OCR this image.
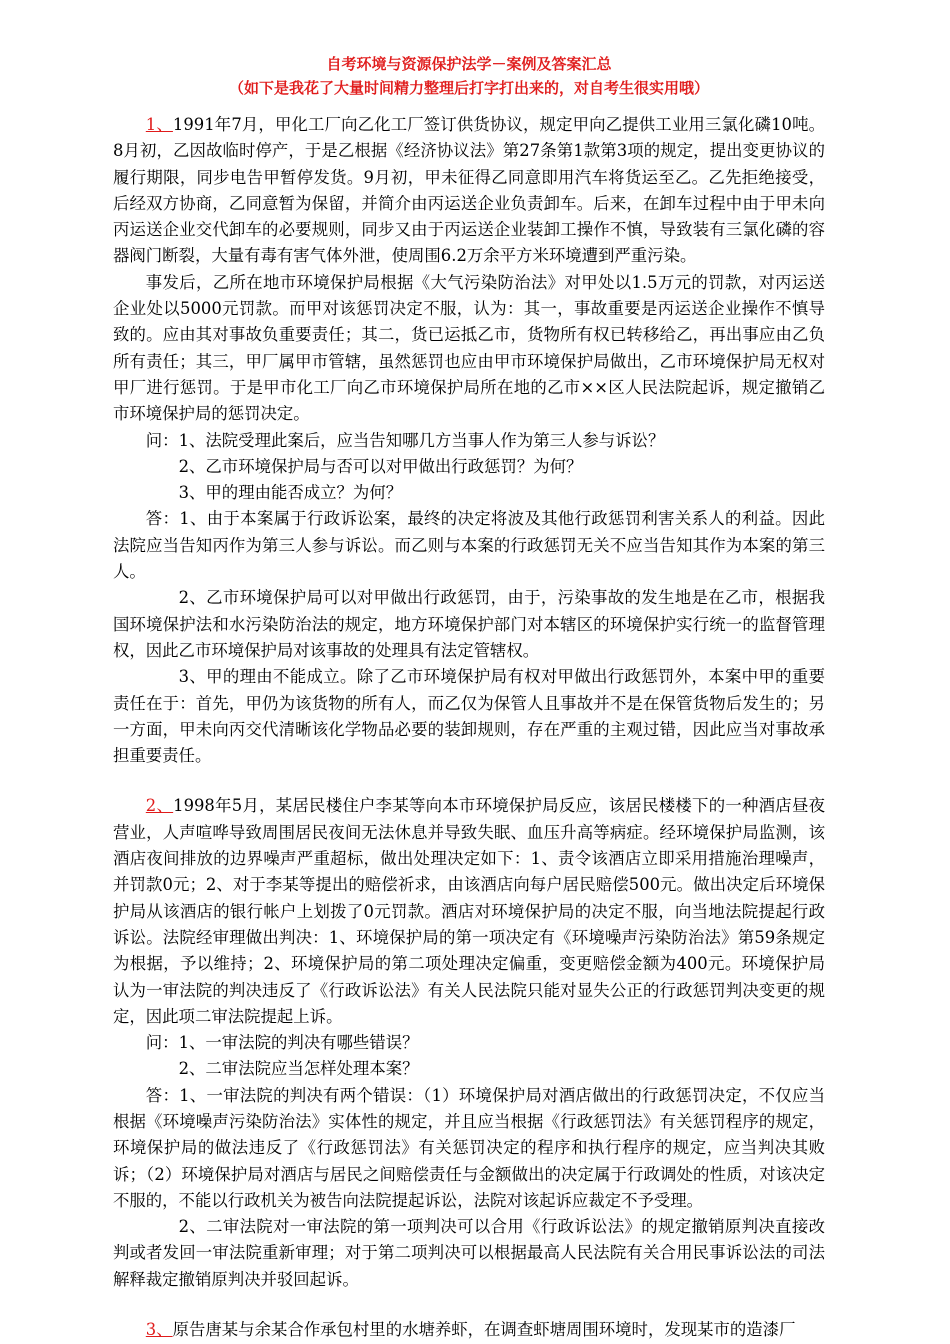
自考环境与资源保护法学－案例及答案汇总

（如下是我花了大量时间精力整理后打字打出来的，对自考生很实用哦）

1、1991年7月，甲化工厂向乙化工厂签订供货协议，规定甲向乙提供工业用三氯化磷10吨。8月初，乙因故临时停产，于是乙根据《经济协议法》第27条第1款第3项的规定，提出变更协议的履行期限，同步电告甲暂停发货。9月初，甲未征得乙同意即用汽车将货运至乙。乙先拒绝接受，后经双方协商，乙同意暂为保留，并简介由丙运送企业负责卸车。后来，在卸车过程中由于甲未向丙运送企业交代卸车的必要规则，同步又由于丙运送企业装卸工操作不慎，导致装有三氯化磷的容器阀门断裂，大量有毒有害气体外泄，使周围6.2万余平方米环境遭到严重污染。

事发后，乙所在地市环境保护局根据《大气污染防治法》对甲处以1.5万元的罚款，对丙运送企业处以5000元罚款。而甲对该惩罚决定不服，认为：其一，事故重要是丙运送企业操作不慎导致的。应由其对事故负重要责任；其二，货已运抵乙市，货物所有权已转移给乙，再出事应由乙负所有责任；其三，甲厂属甲市管辖，虽然惩罚也应由甲市环境保护局做出，乙市环境保护局无权对甲厂进行惩罚。于是甲市化工厂向乙市环境保护局所在地的乙市××区人民法院起诉，规定撤销乙市环境保护局的惩罚决定。

问：1、法院受理此案后，应当告知哪几方当事人作为第三人参与诉讼？

2、乙市环境保护局与否可以对甲做出行政惩罚？为何？

3、甲的理由能否成立？为何？

答：1、由于本案属于行政诉讼案，最终的决定将波及其他行政惩罚利害关系人的利益。因此法院应当告知丙作为第三人参与诉讼。而乙则与本案的行政惩罚无关不应当告知其作为本案的第三人。

2、乙市环境保护局可以对甲做出行政惩罚，由于，污染事故的发生地是在乙市，根据我国环境保护法和水污染防治法的规定，地方环境保护部门对本辖区的环境保护实行统一的监督管理权，因此乙市环境保护局对该事故的处理具有法定管辖权。

3、甲的理由不能成立。除了乙市环境保护局有权对甲做出行政惩罚外，本案中甲的重要责任在于：首先，甲仍为该货物的所有人，而乙仅为保管人且事故并不是在保管货物后发生的；另一方面，甲未向丙交代清晰该化学物品必要的装卸规则，存在严重的主观过错，因此应当对事故承担重要责任。

2、1998年5月，某居民楼住户李某等向本市环境保护局反应，该居民楼楼下的一种酒店昼夜营业，人声喧哗导致周围居民夜间无法休息并导致失眠、血压升高等病症。经环境保护局监测，该酒店夜间排放的边界噪声严重超标，做出处理决定如下：1、责令该酒店立即采用措施治理噪声，并罚款0元；2、对于李某等提出的赔偿祈求，由该酒店向每户居民赔偿500元。做出决定后环境保护局从该酒店的银行帐户上划拨了0元罚款。酒店对环境保护局的决定不服，向当地法院提起行政诉讼。法院经审理做出判决：1、环境保护局的第一项决定有《环境噪声污染防治法》第59条规定为根据，予以维持；2、环境保护局的第二项处理决定偏重，变更赔偿金额为400元。环境保护局认为一审法院的判决违反了《行政诉讼法》有关人民法院只能对显失公正的行政惩罚判决变更的规定，因此项二审法院提起上诉。

问：1、一审法院的判决有哪些错误？

2、二审法院应当怎样处理本案？

答：1、一审法院的判决有两个错误：（1）环境保护局对酒店做出的行政惩罚决定，不仅应当根据《环境噪声污染防治法》实体性的规定，并且应当根据《行政惩罚法》有关惩罚程序的规定，环境保护局的做法违反了《行政惩罚法》有关惩罚决定的程序和执行程序的规定，应当判决其败诉；（2）环境保护局对酒店与居民之间赔偿责任与金额做出的决定属于行政调处的性质，对该决定不服的，不能以行政机关为被告向法院提起诉讼，法院对该起诉应裁定不予受理。

2、二审法院对一审法院的第一项判决可以合用《行政诉讼法》的规定撤销原判决直接改判或者发回一审法院重新审理；对于第二项判决可以根据最高人民法院有关合用民事诉讼法的司法解释裁定撤销原判决并驳回起诉。

3、原告唐某与余某合作承包村里的水塘养虾，在调查虾塘周围环境时，发现某市的造漆厂
